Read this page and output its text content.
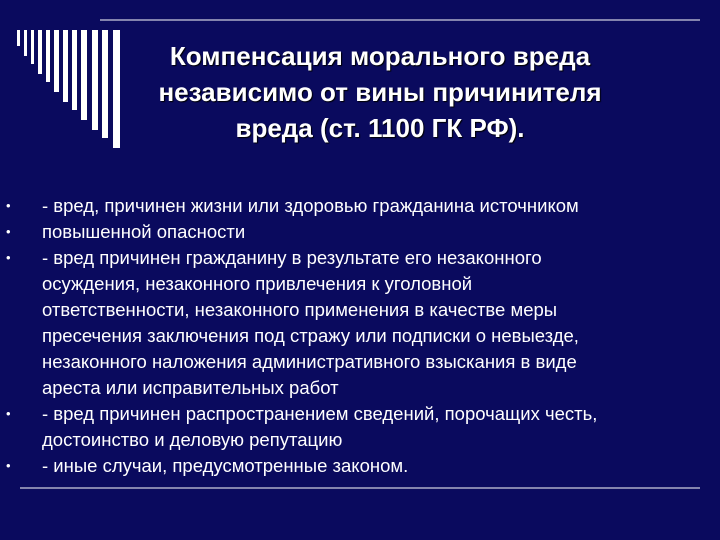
Компенсация морального вреда
независимо от вины причинителя
вреда (ст. 1100 ГК РФ).
•	- вред, причинен жизни или здоровью гражданина источником
•	повышенной опасности
•	- вред причинен гражданину в результате его незаконного
осуждения, незаконного привлечения к уголовной
ответственности, незаконного применения в качестве меры
пресечения заключения под стражу или подписки о невыезде,
незаконного наложения административного взыскания в виде
ареста или исправительных работ
•	- вред причинен распространением сведений, порочащих честь,
достоинство и деловую репутацию
•	- иные случаи, предусмотренные законом.
